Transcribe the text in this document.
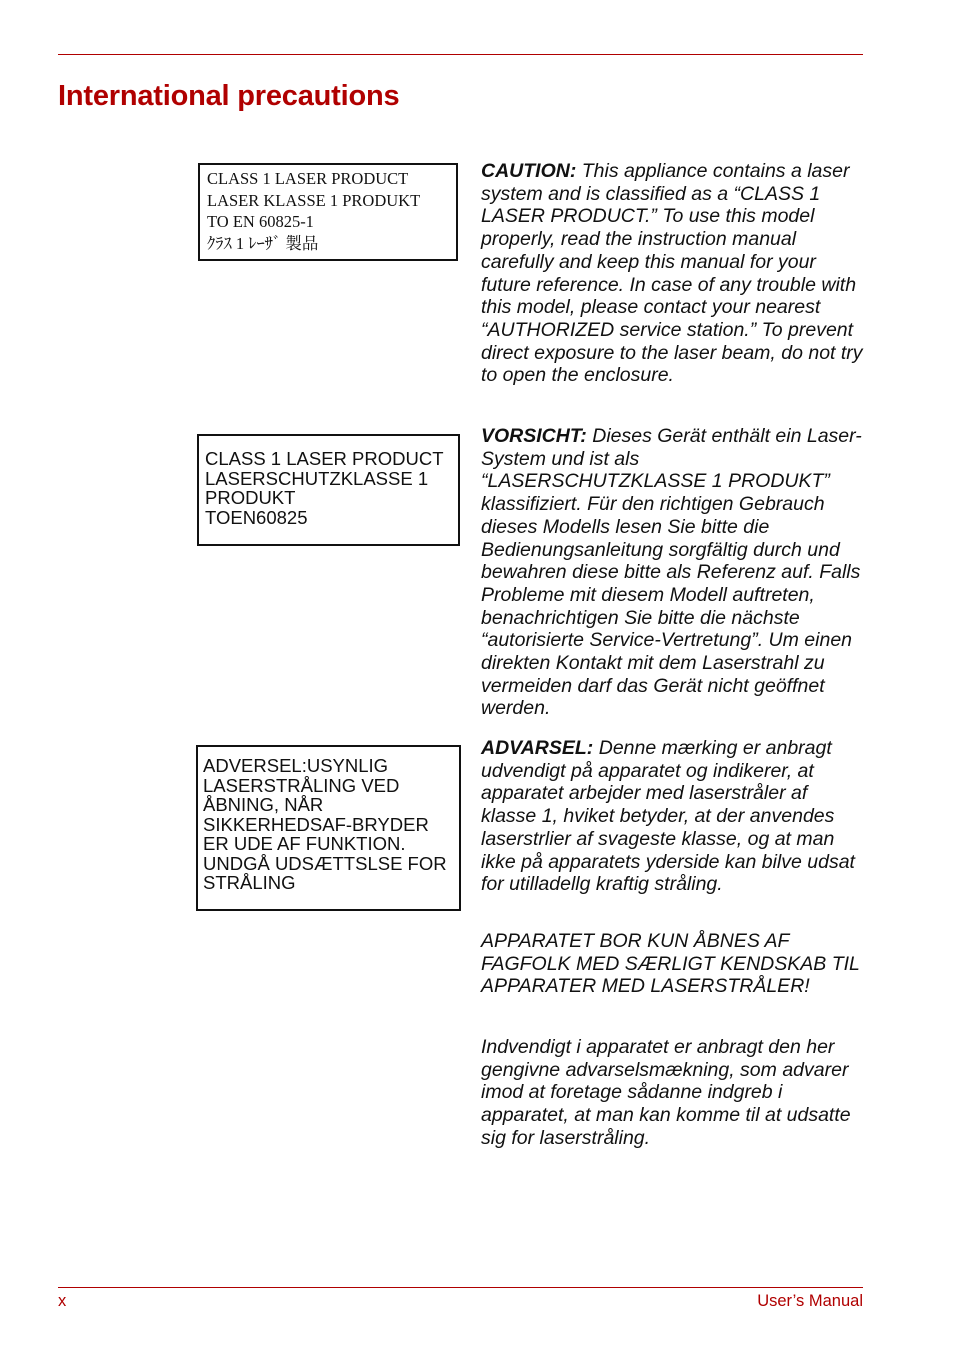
International precautions
CLASS 1 LASER PRODUCT
LASER KLASSE 1 PRODUKT
TO EN 60825-1
ｸﾗｽ 1 ﾚｰｻﾞ 製品
CLASS 1 LASER PRODUCT
LASERSCHUTZKLASSE 1
PRODUKT
TOEN60825
ADVERSEL:USYNLIG
LASERSTRÅLING VED
ÅBNING, NÅR
SIKKERHEDSAF-BRYDER
ER UDE AF FUNKTION.
UNDGÅ UDSÆTTSLSE FOR
STRÅLING

CAUTION: This appliance contains a laser system and is classified as a “CLASS 1 LASER PRODUCT.” To use this model properly, read the instruction manual carefully and keep this manual for your future reference. In case of any trouble with this model, please contact your nearest “AUTHORIZED service station.” To prevent direct exposure to the laser beam, do not try to open the enclosure.

VORSICHT: Dieses Gerät enthält ein Laser-System und ist als “LASERSCHUTZKLASSE 1 PRODUKT” klassifiziert. Für den richtigen Gebrauch dieses Modells lesen Sie bitte die Bedienungsanleitung sorgfältig durch und bewahren diese bitte als Referenz auf. Falls Probleme mit diesem Modell auftreten, benachrichtigen Sie bitte die nächste “autorisierte Service-Vertretung”. Um einen direkten Kontakt mit dem Laserstrahl zu vermeiden darf das Gerät nicht geöffnet werden.

ADVARSEL: Denne mærking er anbragt udvendigt på apparatet og indikerer, at apparatet arbejder med laserstråler af klasse 1, hviket betyder, at der anvendes laserstrlier af svageste klasse, og at man ikke på apparatets yderside kan bilve udsat for utilladellg kraftig stråling.

APPARATET BOR KUN ÅBNES AF FAGFOLK MED SÆRLIGT KENDSKAB TIL APPARATER MED LASERSTRÅLER!

Indvendigt i apparatet er anbragt den her gengivne advarselsmækning, som advarer imod at foretage sådanne indgreb i apparatet, at man kan komme til at udsatte sig for laserstråling.

x	User’s Manual
